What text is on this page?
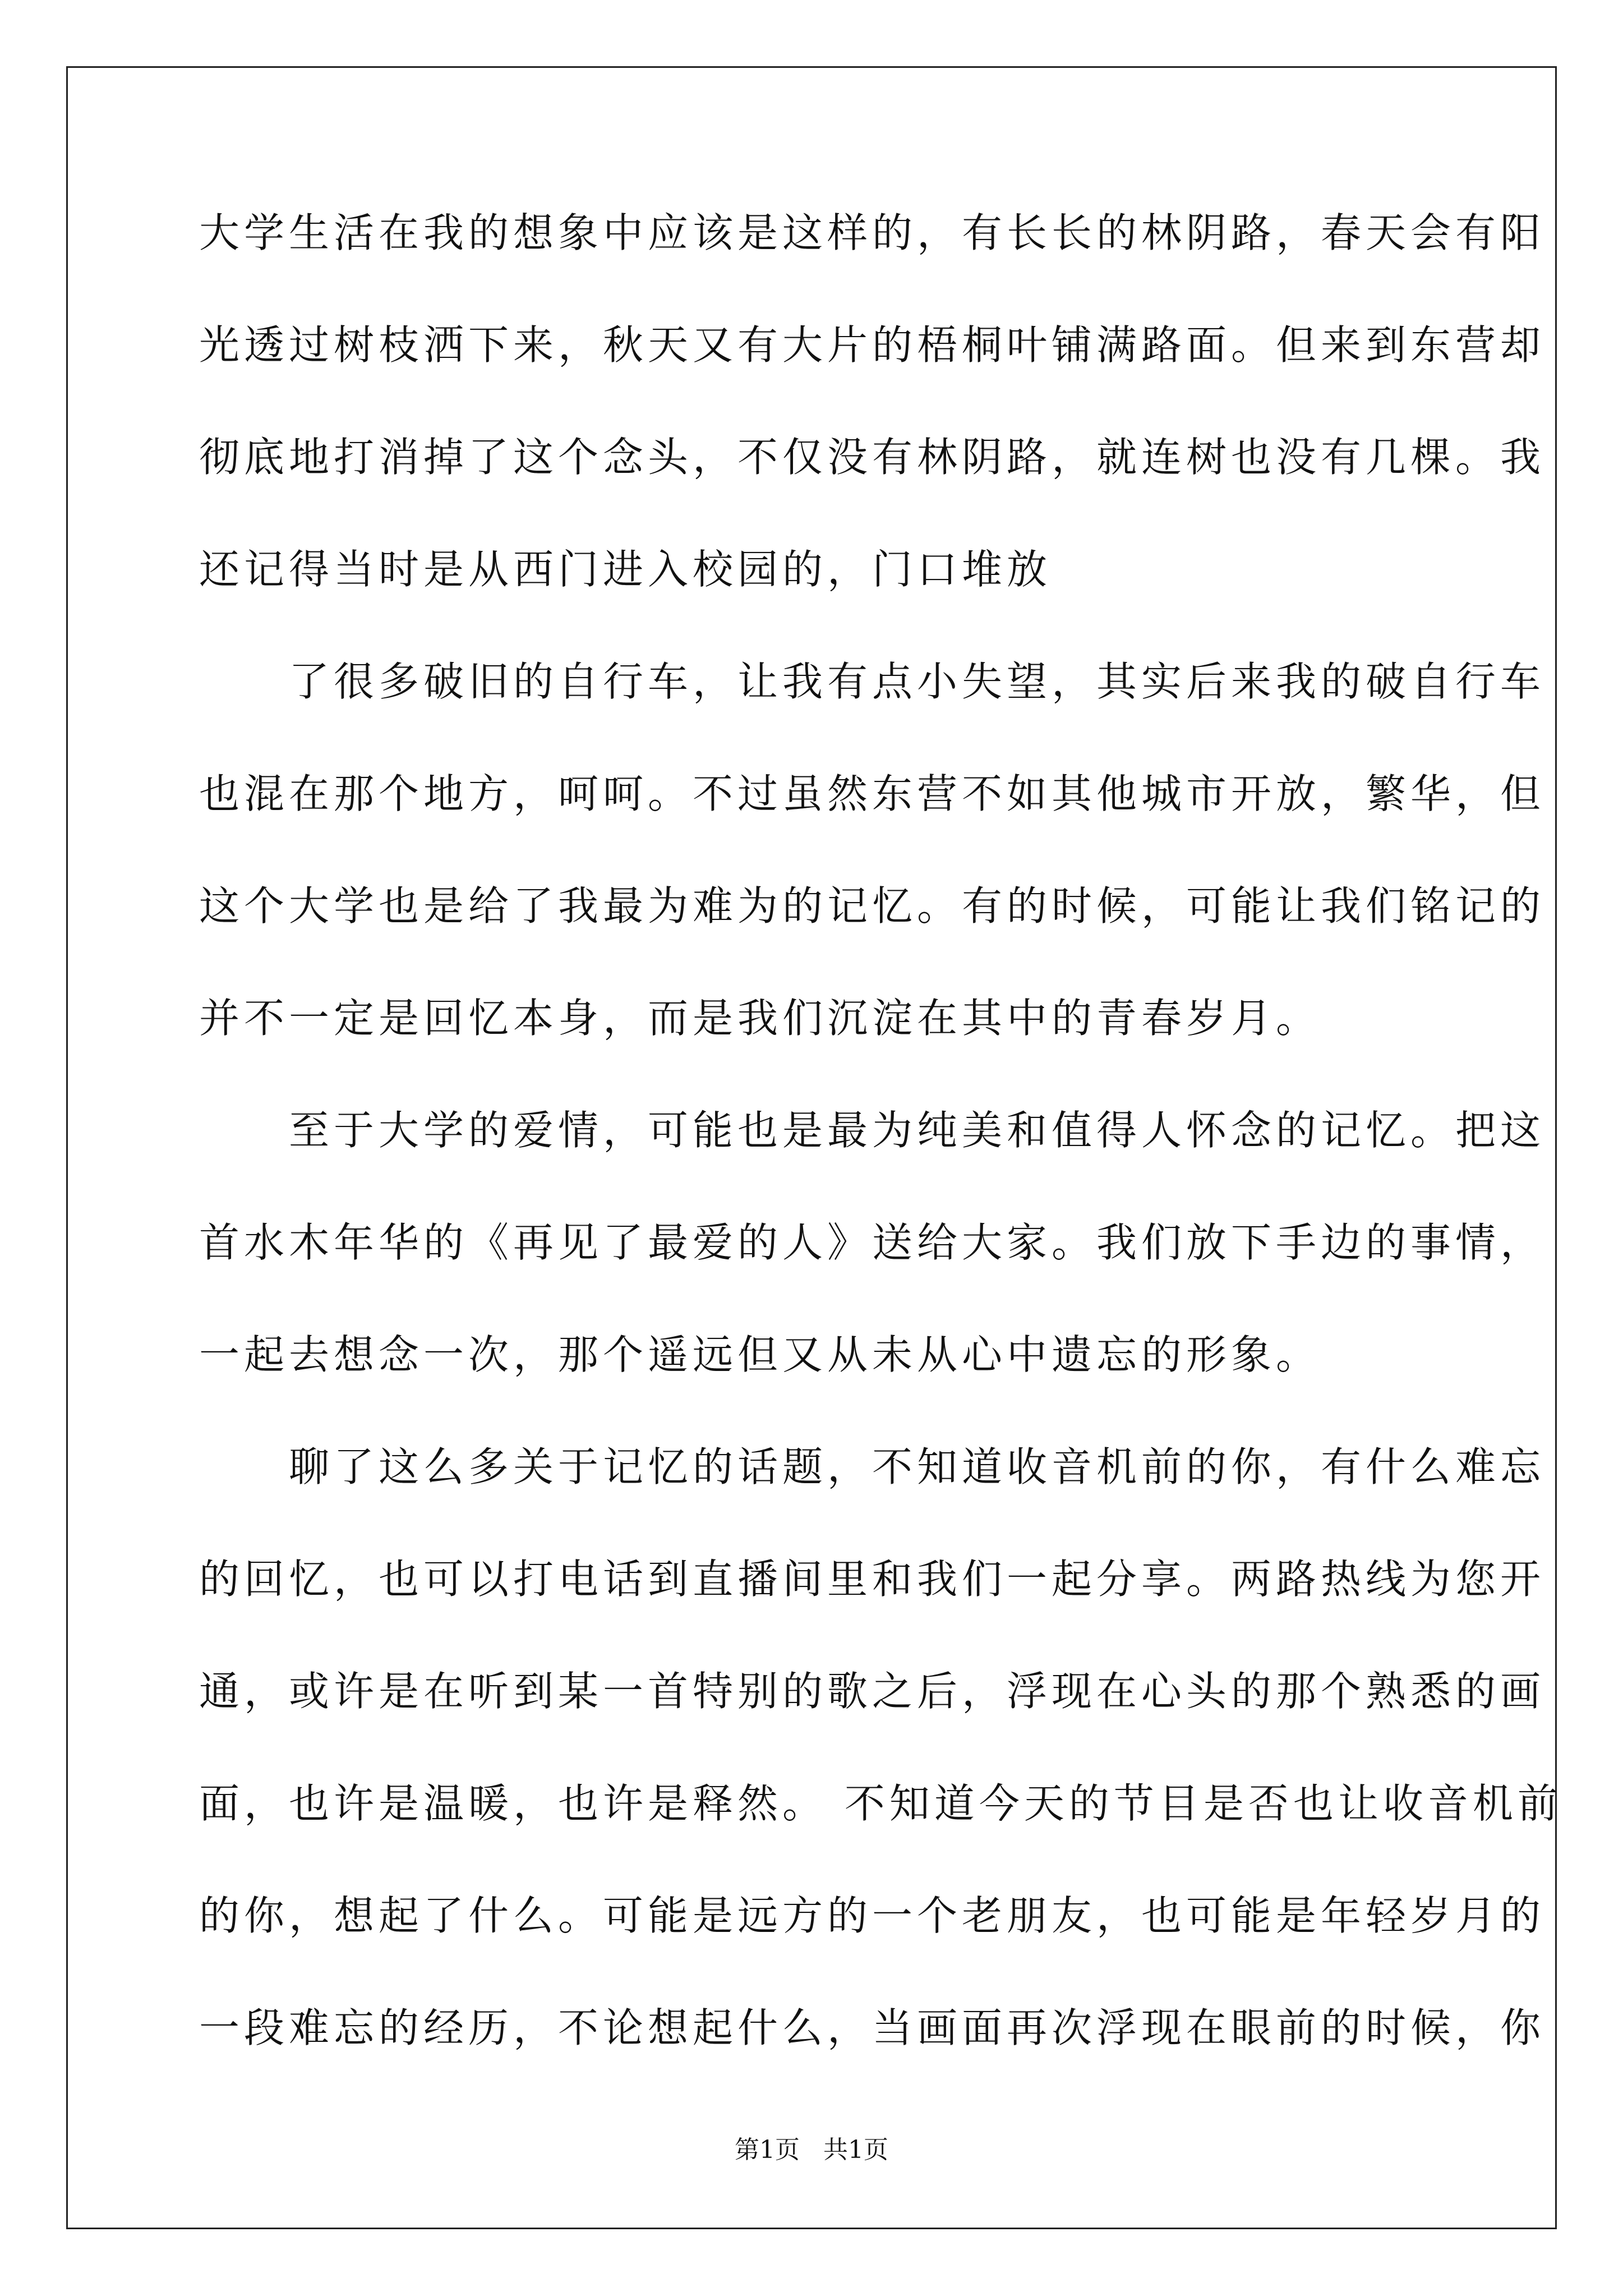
大学生活在我的想象中应该是这样的，有长长的林阴路，春天会有阳
光透过树枝洒下来，秋天又有大片的梧桐叶铺满路面。但来到东营却
彻底地打消掉了这个念头，不仅没有林阴路，就连树也没有几棵。我
还记得当时是从西门进入校园的，门口堆放
　　了很多破旧的自行车，让我有点小失望，其实后来我的破自行车
也混在那个地方，呵呵。不过虽然东营不如其他城市开放，繁华，但
这个大学也是给了我最为难为的记忆。有的时候，可能让我们铭记的
并不一定是回忆本身，而是我们沉淀在其中的青春岁月。
　　至于大学的爱情，可能也是最为纯美和值得人怀念的记忆。把这
首水木年华的《再见了最爱的人》送给大家。我们放下手边的事情，
一起去想念一次，那个遥远但又从未从心中遗忘的形象。
　　聊了这么多关于记忆的话题，不知道收音机前的你，有什么难忘
的回忆，也可以打电话到直播间里和我们一起分享。两路热线为您开
通，或许是在听到某一首特别的歌之后，浮现在心头的那个熟悉的画
面，也许是温暖，也许是释然。 不知道今天的节目是否也让收音机前
的你，想起了什么。可能是远方的一个老朋友，也可能是年轻岁月的
一段难忘的经历，不论想起什么，当画面再次浮现在眼前的时候，你
第1页   共1页
